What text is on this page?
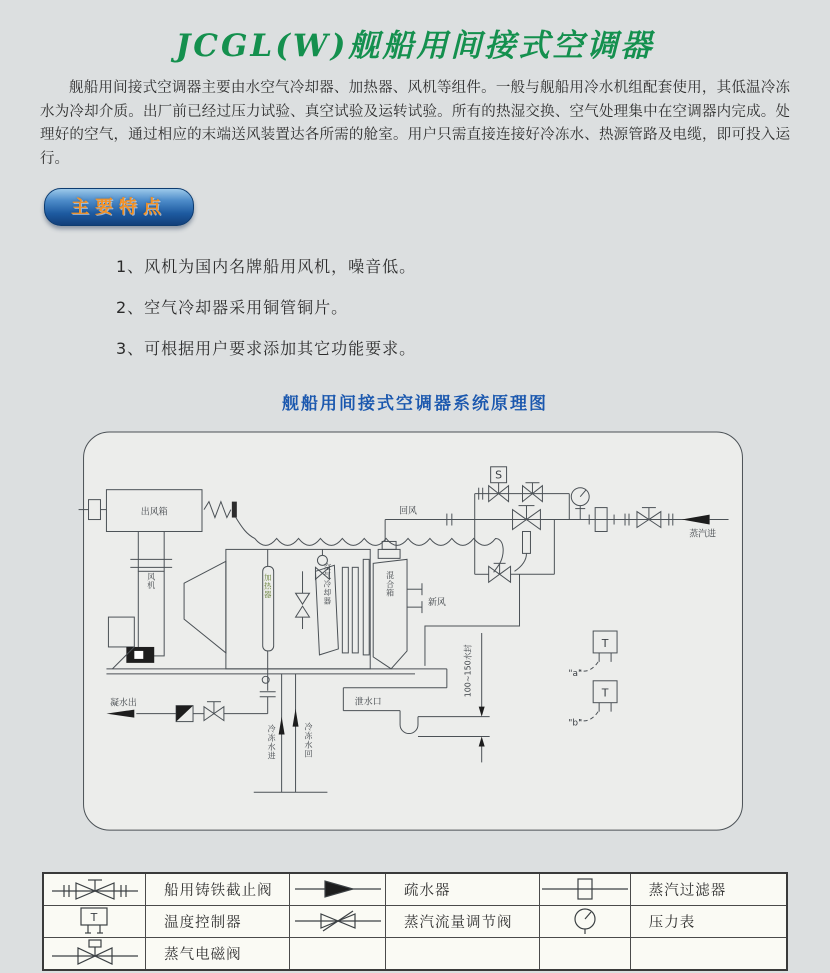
JCGL(W)舰船用间接式空调器

舰船用间接式空调器主要由水空气冷却器、加热器、风机等组件。一般与舰船用冷水机组配套使用，其低温冷冻水为冷却介质。出厂前已经过压力试验、真空试验及运转试验。所有的热湿交换、空气处理集中在空调器内完成。处理好的空气，通过相应的末端送风装置达各所需的舱室。用户只需直接连接好冷冻水、热源管路及电缆，即可投入运行。

主要特点
1、风机为国内名牌船用风机，噪音低。
2、空气冷却器采用铜管铜片。
3、可根据用户要求添加其它功能要求。
舰船用间接式空调器系统原理图
出风箱
风机	加热器	空气冷却器	混合箱
新风
回风
S
蒸汽进
凝水出
冷冻水进	冷冻水回
泄水口
100~150水封
T
T
"a"
"b"
	船用铸铁截止阀		疏水器		蒸汽过滤器

T	温度控制器		蒸汽流量调节阀		压力表
	蒸气电磁阀				
